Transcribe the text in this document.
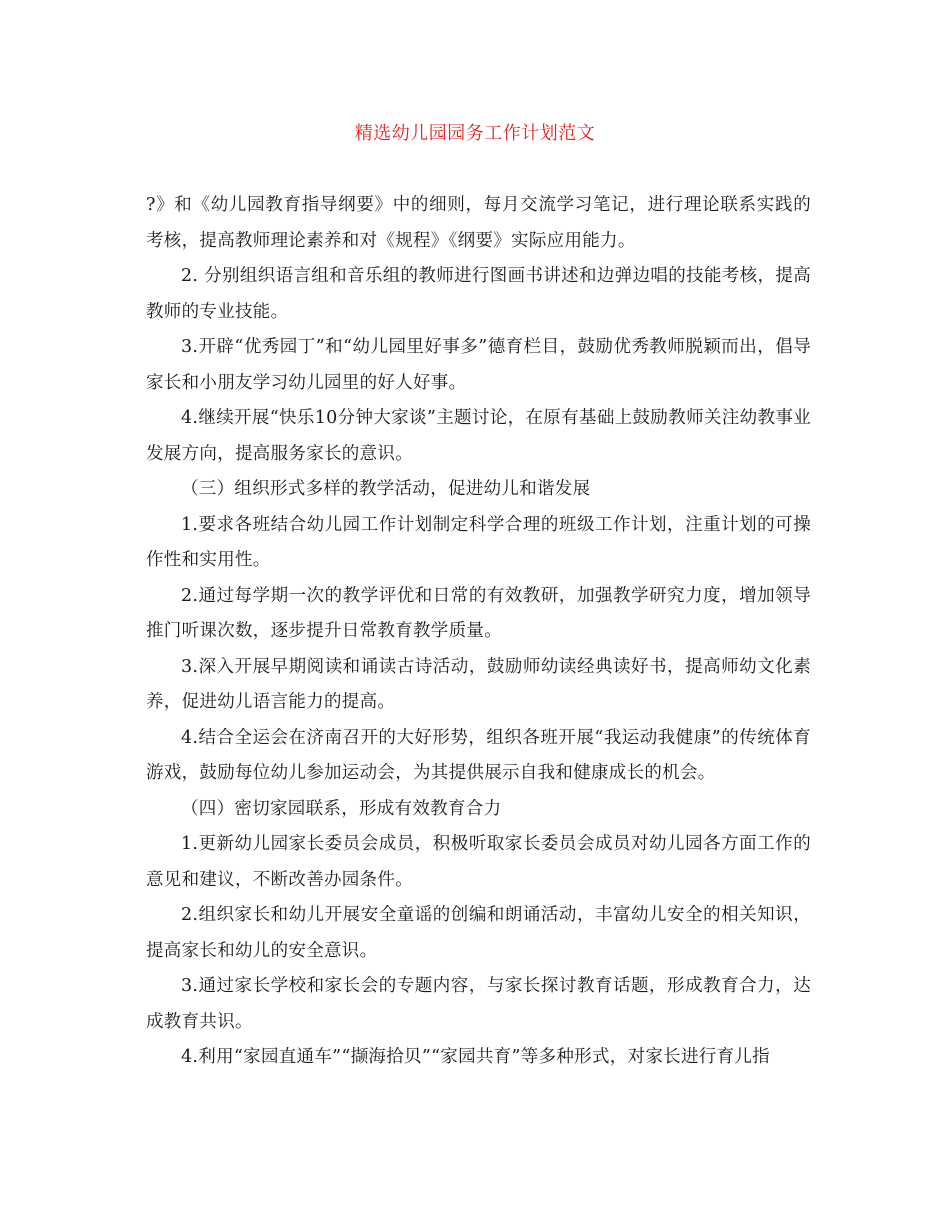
精选幼儿园园务工作计划范文

?》和《幼儿园教育指导纲要》中的细则，每月交流学习笔记，进行理论联系实践的考核，提高教师理论素养和对《规程》《纲要》实际应用能力。

2. 分别组织语言组和音乐组的教师进行图画书讲述和边弹边唱的技能考核，提高教师的专业技能。

3.开辟“优秀园丁”和“幼儿园里好事多”德育栏目，鼓励优秀教师脱颖而出，倡导家长和小朋友学习幼儿园里的好人好事。

4.继续开展“快乐10分钟大家谈”主题讨论，在原有基础上鼓励教师关注幼教事业发展方向，提高服务家长的意识。

（三）组织形式多样的教学活动，促进幼儿和谐发展

1.要求各班结合幼儿园工作计划制定科学合理的班级工作计划，注重计划的可操作性和实用性。

2.通过每学期一次的教学评优和日常的有效教研，加强教学研究力度，增加领导推门听课次数，逐步提升日常教育教学质量。

3.深入开展早期阅读和诵读古诗活动，鼓励师幼读经典读好书，提高师幼文化素养，促进幼儿语言能力的提高。

4.结合全运会在济南召开的大好形势，组织各班开展“我运动我健康”的传统体育游戏，鼓励每位幼儿参加运动会，为其提供展示自我和健康成长的机会。

（四）密切家园联系，形成有效教育合力

1.更新幼儿园家长委员会成员，积极听取家长委员会成员对幼儿园各方面工作的意见和建议，不断改善办园条件。

2.组织家长和幼儿开展安全童谣的创编和朗诵活动，丰富幼儿安全的相关知识，提高家长和幼儿的安全意识。

3.通过家长学校和家长会的专题内容，与家长探讨教育话题，形成教育合力，达成教育共识。

4.利用“家园直通车”“撷海拾贝”“家园共育”等多种形式，对家长进行育儿指
